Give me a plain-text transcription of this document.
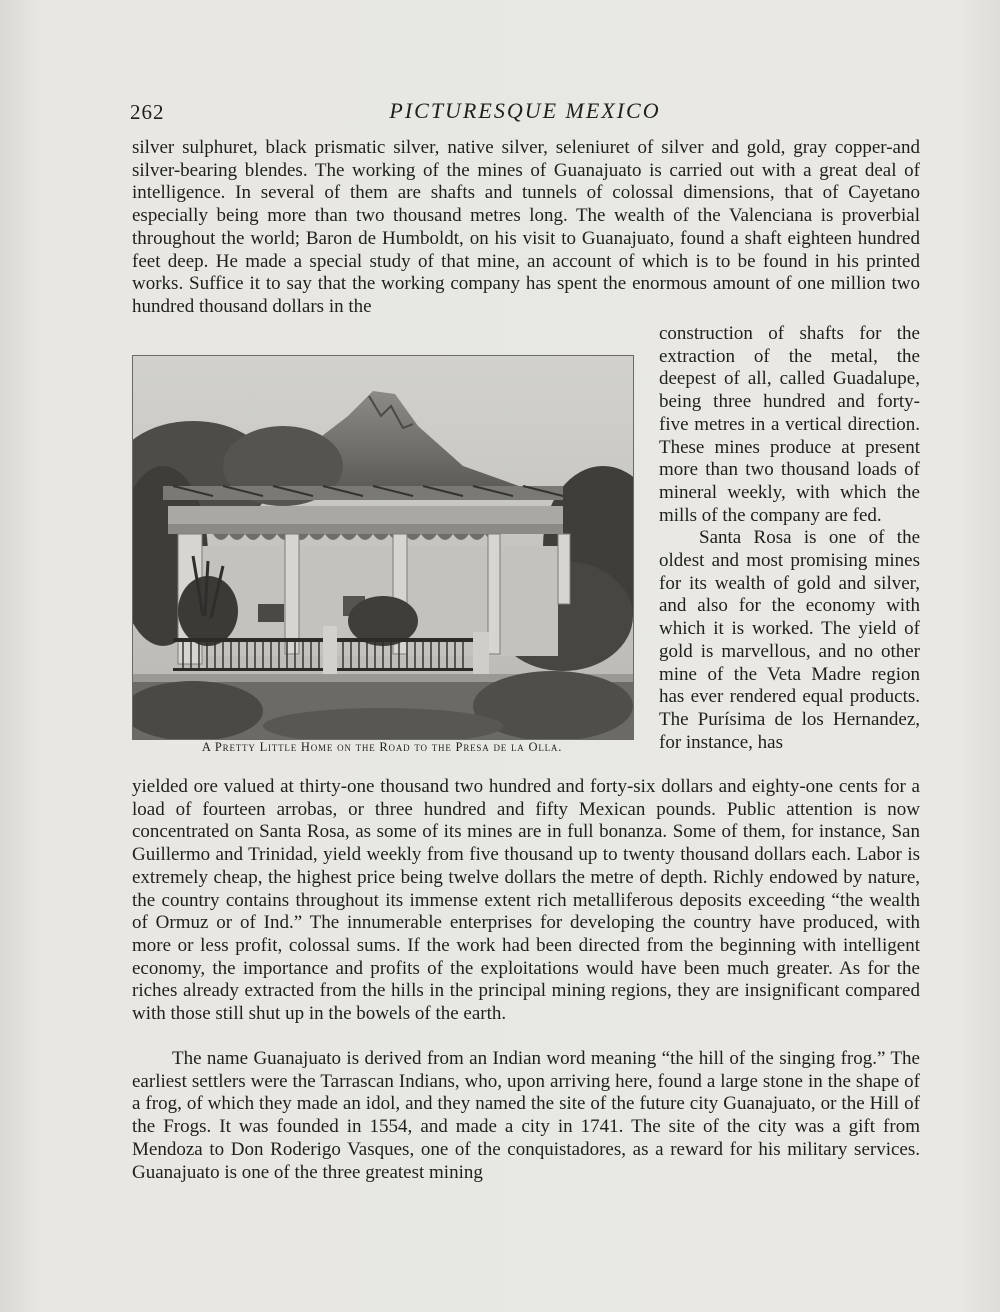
262	PICTURESQUE MEXICO
silver sulphuret, black prismatic silver, native silver, seleniuret of silver and gold, gray copper-and silver-bearing blendes. The working of the mines of Guanajuato is carried out with a great deal of intelligence. In several of them are shafts and tunnels of colossal dimensions, that of Cayetano especially being more than two thousand metres long. The wealth of the Valenciana is proverbial throughout the world; Baron de Humboldt, on his visit to Guanajuato, found a shaft eighteen hundred feet deep. He made a special study of that mine, an account of which is to be found in his printed works. Suffice it to say that the working company has spent the enormous amount of one million two hundred thousand dollars in the
A Pretty Little Home on the Road to the Presa de la Olla.
construction of shafts for the extraction of the metal, the deepest of all, called Guadalupe, being three hundred and forty-five metres in a vertical direction. These mines produce at present more than two thousand loads of mineral weekly, with which the mills of the company are fed.
Santa Rosa is one of the oldest and most promising mines for its wealth of gold and silver, and also for the economy with which it is worked. The yield of gold is marvellous, and no other mine of the Veta Madre region has ever rendered equal products. The Purísima de los Hernandez, for instance, has
yielded ore valued at thirty-one thousand two hundred and forty-six dollars and eighty-one cents for a load of fourteen arrobas, or three hundred and fifty Mexican pounds. Public attention is now concentrated on Santa Rosa, as some of its mines are in full bonanza. Some of them, for instance, San Guillermo and Trinidad, yield weekly from five thousand up to twenty thousand dollars each. Labor is extremely cheap, the highest price being twelve dollars the metre of depth. Richly endowed by nature, the country contains throughout its immense extent rich metalliferous deposits exceeding “the wealth of Ormuz or of Ind.” The innumerable enterprises for developing the country have produced, with more or less profit, colossal sums. If the work had been directed from the beginning with intelligent economy, the importance and profits of the exploitations would have been much greater. As for the riches already extracted from the hills in the principal mining regions, they are insignificant compared with those still shut up in the bowels of the earth.
The name Guanajuato is derived from an Indian word meaning “the hill of the singing frog.” The earliest settlers were the Tarrascan Indians, who, upon arriving here, found a large stone in the shape of a frog, of which they made an idol, and they named the site of the future city Guanajuato, or the Hill of the Frogs. It was founded in 1554, and made a city in 1741. The site of the city was a gift from Mendoza to Don Roderigo Vasques, one of the conquistadores, as a reward for his military services. Guanajuato is one of the three greatest mining
